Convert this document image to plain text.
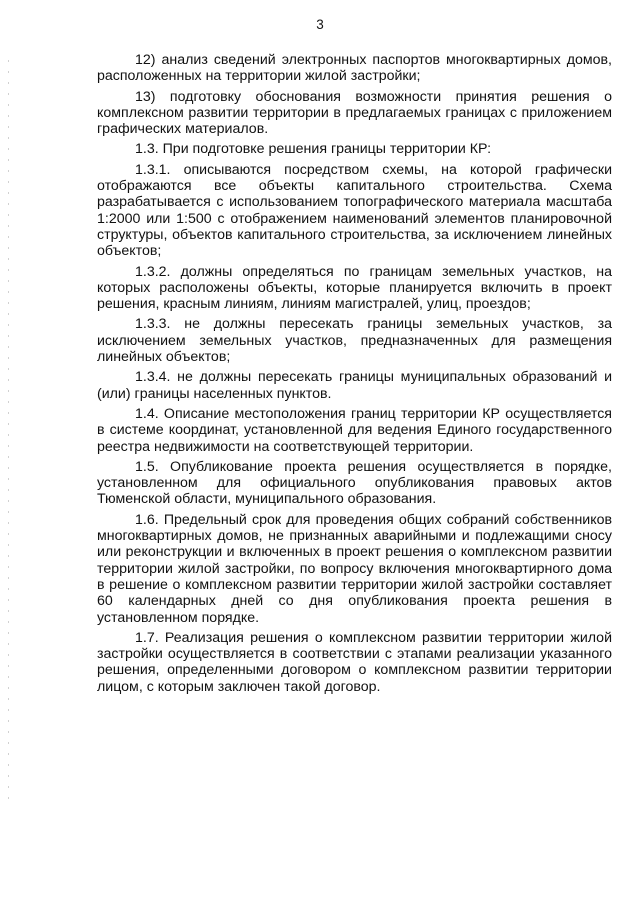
3

12) анализ сведений электронных паспортов многоквартирных домов, расположенных на территории жилой застройки;

13) подготовку обоснования возможности принятия решения о комплексном развитии территории в предлагаемых границах с приложением графических материалов.

1.3. При подготовке решения границы территории КР:

1.3.1. описываются посредством схемы, на которой графически отображаются все объекты капитального строительства. Схема разрабатывается с использованием топографического материала масштаба 1:2000 или 1:500 с отображением наименований элементов планировочной структуры, объектов капитального строительства, за исключением линейных объектов;

1.3.2. должны определяться по границам земельных участков, на которых расположены объекты, которые планируется включить в проект решения, красным линиям, линиям магистралей, улиц, проездов;

1.3.3. не должны пересекать границы земельных участков, за исключением земельных участков, предназначенных для размещения линейных объектов;

1.3.4. не должны пересекать границы муниципальных образований и (или) границы населенных пунктов.

1.4. Описание местоположения границ территории КР осуществляется в системе координат, установленной для ведения Единого государственного реестра недвижимости на соответствующей территории.

1.5. Опубликование проекта решения осуществляется в порядке, установленном для официального опубликования правовых актов Тюменской области, муниципального образования.

1.6. Предельный срок для проведения общих собраний собственников многоквартирных домов, не признанных аварийными и подлежащими сносу или реконструкции и включенных в проект решения о комплексном развитии территории жилой застройки, по вопросу включения многоквартирного дома в решение о комплексном развитии территории жилой застройки составляет 60 календарных дней со дня опубликования проекта решения в установленном порядке.

1.7. Реализация решения о комплексном развитии территории жилой застройки осуществляется в соответствии с этапами реализации указанного решения, определенными договором о комплексном развитии территории лицом, с которым заключен такой договор.
